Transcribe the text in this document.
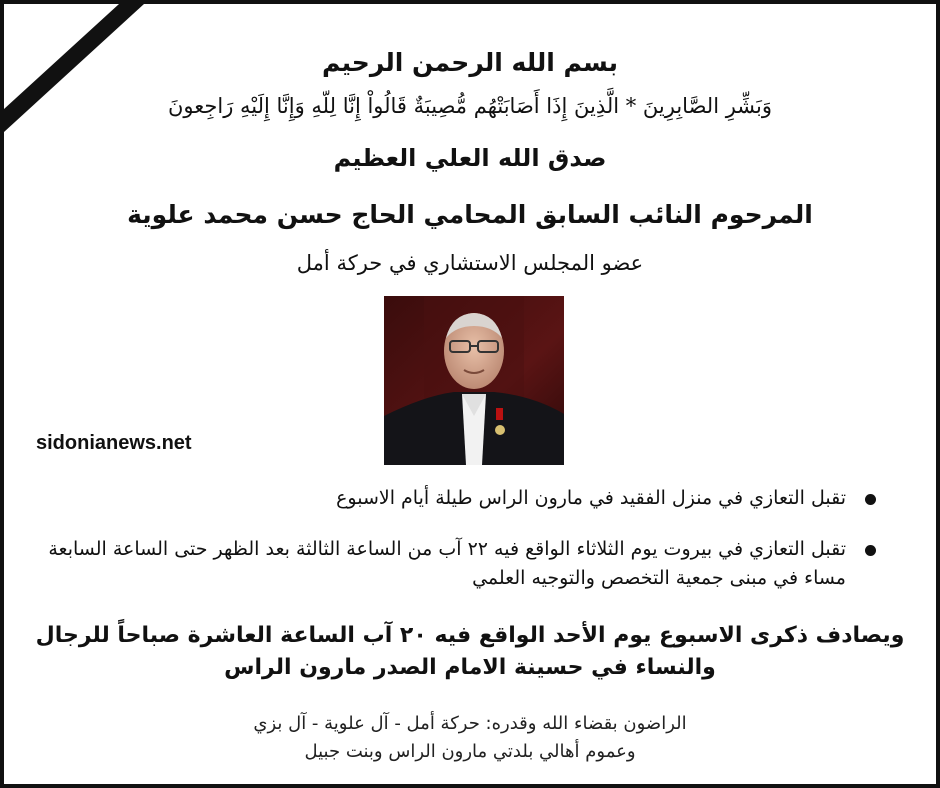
بسم الله الرحمن الرحيم
وَبَشِّرِ الصَّابِرِينَ * الَّذِينَ إِذَا أَصَابَتْهُم مُّصِيبَةٌ قَالُواْ إِنَّا لِلّهِ وَإِنَّا إِلَيْهِ رَاجِعونَ
صدق الله العلي العظيم
المرحوم النائب السابق المحامي الحاج حسن محمد علوية
عضو المجلس الاستشاري في حركة أمل
sidonianews.net
تقبل التعازي في منزل الفقيد في مارون الراس طيلة أيام الاسبوع
تقبل التعازي في بيروت يوم الثلاثاء الواقع فيه ٢٢ آب من الساعة الثالثة بعد الظهر حتى الساعة السابعة مساء في مبنى جمعية التخصص والتوجيه العلمي
ويصادف ذكرى الاسبوع يوم الأحد الواقع فيه ٢٠ آب الساعة العاشرة صباحاً للرجال والنساء في حسينة الامام الصدر مارون الراس
الراضون بقضاء الله وقدره: حركة أمل - آل علوية - آل بزي
وعموم أهالي بلدتي مارون الراس وبنت جبيل
